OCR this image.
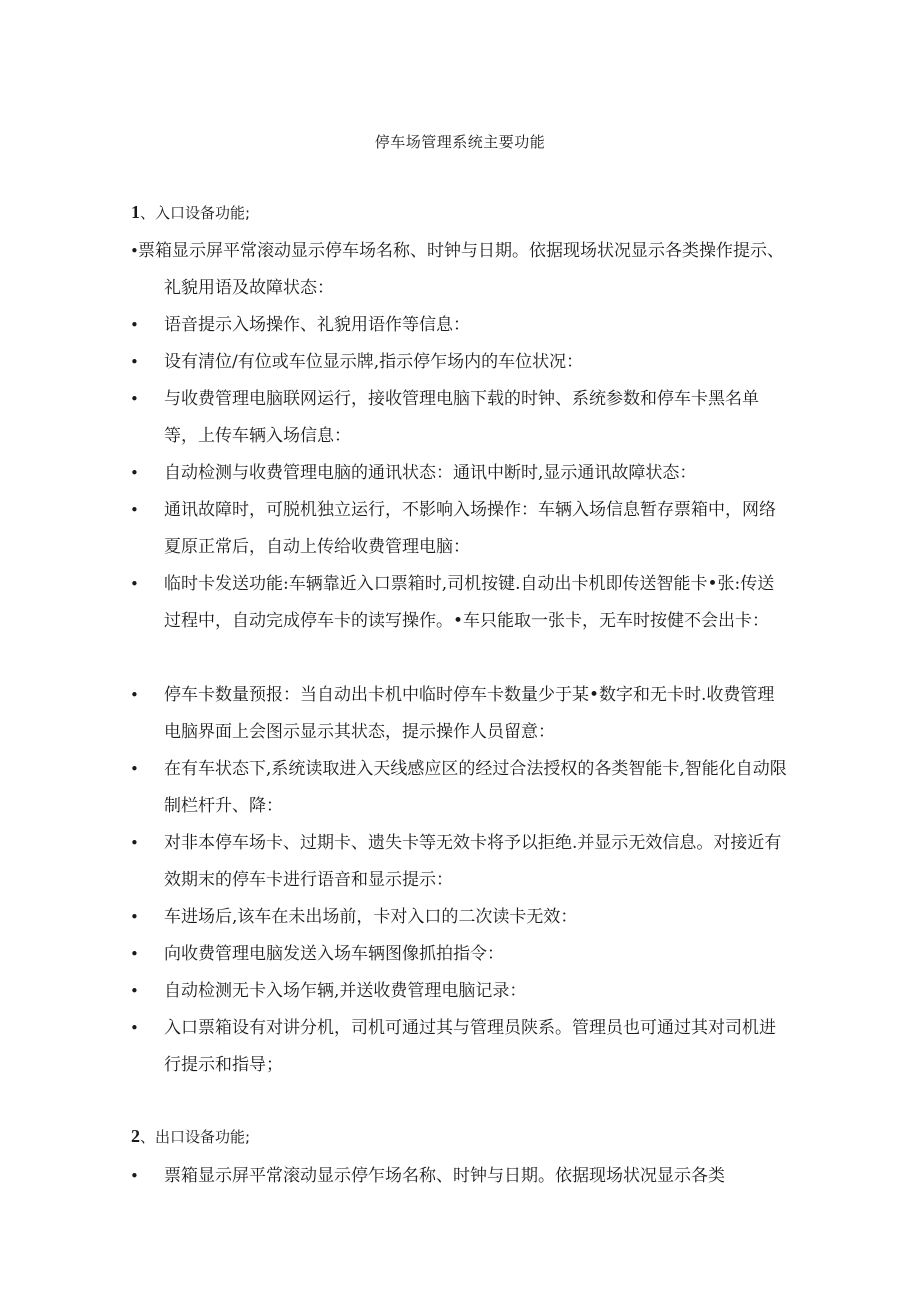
停车场管理系统主要功能
1、入口设备功能;
• 票箱显示屏平常滚动显示停车场名称、时钟与日期。依据现场状况显示各类操作提示、礼貌用语及故障状态：
•	语音提示入场操作、礼貌用语作等信息：
•	设有清位/有位或车位显示牌,指示停乍场内的车位状况：
•	与收费管理电脑联网运行，接收管理电脑下载的时钟、系统参数和停车卡黑名单等，上传车辆入场信息：
•	自动检测与收费管理电脑的通讯状态：通讯中断时,显示通讯故障状态：
•	通讯故障时，可脱机独立运行，不影响入场操作：车辆入场信息暂存票箱中，网络夏原正常后，自动上传给收费管理电脑：
•	临时卡发送功能:车辆靠近入口票箱时,司机按键.自动出卡机即传送智能卡•张:传送过程中，自动完成停车卡的读写操作。•车只能取一张卡，无车时按健不会出卡：
•	停车卡数量预报：当自动出卡机中临时停车卡数量少于某•数字和无卡时.收费管理电脑界面上会图示显示其状态，提示操作人员留意：
•	在有车状态下,系统读取进入天线感应区的经过合法授权的各类智能卡,智能化自动限制栏杆升、降：
•	对非本停车场卡、过期卡、遗失卡等无效卡将予以拒绝.并显示无效信息。对接近有效期末的停车卡进行语音和显示提示：
•	车进场后,该车在未出场前，卡对入口的二次读卡无效：
•	向收费管理电脑发送入场车辆图像抓拍指令：
•	自动检测无卡入场乍辆,并送收费管理电脑记录：
•	入口票箱设有对讲分机，司机可通过其与管理员陕系。管理员也可通过其对司机进行提示和指导；
2、出口设备功能;
•	票箱显示屏平常滚动显示停乍场名称、时钟与日期。依据现场状况显示各类
